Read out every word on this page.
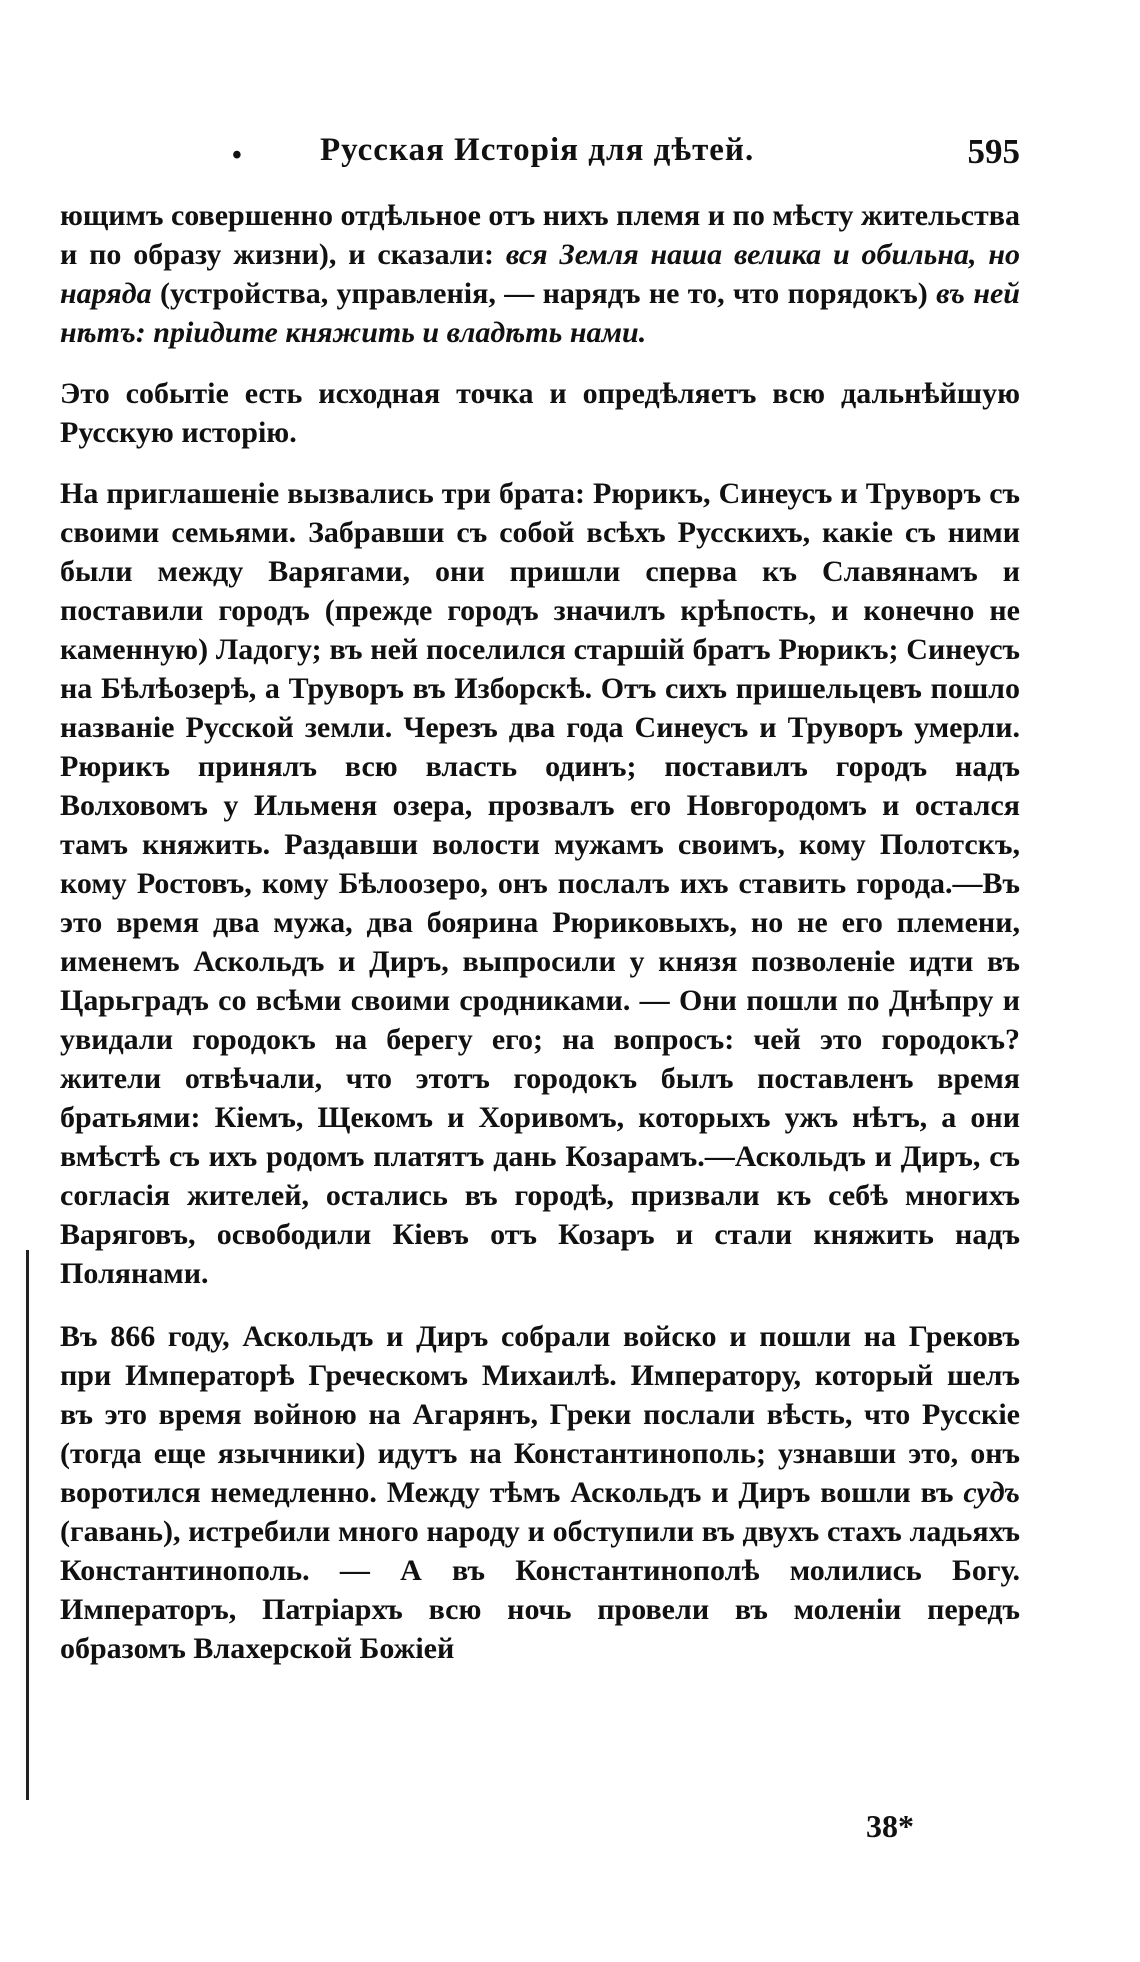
• Русская Исторiя для дѣтей.	595

ющимъ совершенно отдѣльное отъ нихъ племя и по мѣсту жительства и по образу жизни), и сказали: вся Земля наша велика и обильна, но наряда (устройства, управленiя, — нарядъ не то, что порядокъ) въ ней нѣтъ: прiидите княжить и владѣть нами.

Это событiе есть исходная точка и опредѣляетъ всю дальнѣйшую Русскую исторiю.

На приглашенiе вызвались три брата: Рюрикъ, Синеусъ и Труворъ съ своими семьями. Забравши съ собой всѣхъ Русскихъ, какiе съ ними были между Варягами, они пришли сперва къ Славянамъ и поставили городъ (прежде городъ значилъ крѣпость, и конечно не каменную) Ладогу; въ ней поселился старшiй братъ Рюрикъ; Синеусъ на Бѣлѣозерѣ, а Труворъ въ Изборскѣ. Отъ сихъ пришельцевъ пошло названiе Русской земли. Черезъ два года Синеусъ и Труворъ умерли. Рюрикъ принялъ всю власть одинъ; поставилъ городъ надъ Волховомъ у Ильменя озера, прозвалъ его Новгородомъ и остался тамъ княжить. Раздавши волости мужамъ своимъ, кому Полотскъ, кому Ростовъ, кому Бѣлоозеро, онъ послалъ ихъ ставить города.—Въ это время два мужа, два боярина Рюриковыхъ, но не его племени, именемъ Аскольдъ и Диръ, выпросили у князя позволенiе идти въ Царьградъ со всѣми своими сродниками. — Они пошли по Днѣпру и увидали городокъ на берегу его; на вопросъ: чей это городокъ? жители отвѣчали, что этотъ городокъ былъ поставленъ время братьями: Кiемъ, Щекомъ и Хоривомъ, которыхъ ужъ нѣтъ, а они вмѣстѣ съ ихъ родомъ платятъ дань Козарамъ.—Аскольдъ и Диръ, съ согласiя жителей, остались въ городѣ, призвали къ себѣ многихъ Варяговъ, освободили Кiевъ отъ Козаръ и стали княжить надъ Полянами.

Въ 866 году, Аскольдъ и Диръ собрали войско и пошли на Грековъ при Императорѣ Греческомъ Михаилѣ. Императору, который шелъ въ это время войною на Агарянъ, Греки послали вѣсть, что Русскiе (тогда еще язычники) идутъ на Константинополь; узнавши это, онъ воротился немедленно. Между тѣмъ Аскольдъ и Диръ вошли въ судъ (гавань), истребили много народу и обступили въ двухъ стахъ ладьяхъ Константинополь. — А въ Константинополѣ молились Богу. Императоръ, Патрiархъ всю ночь провели въ моленiи передъ образомъ Влахерской Божiей

38*
